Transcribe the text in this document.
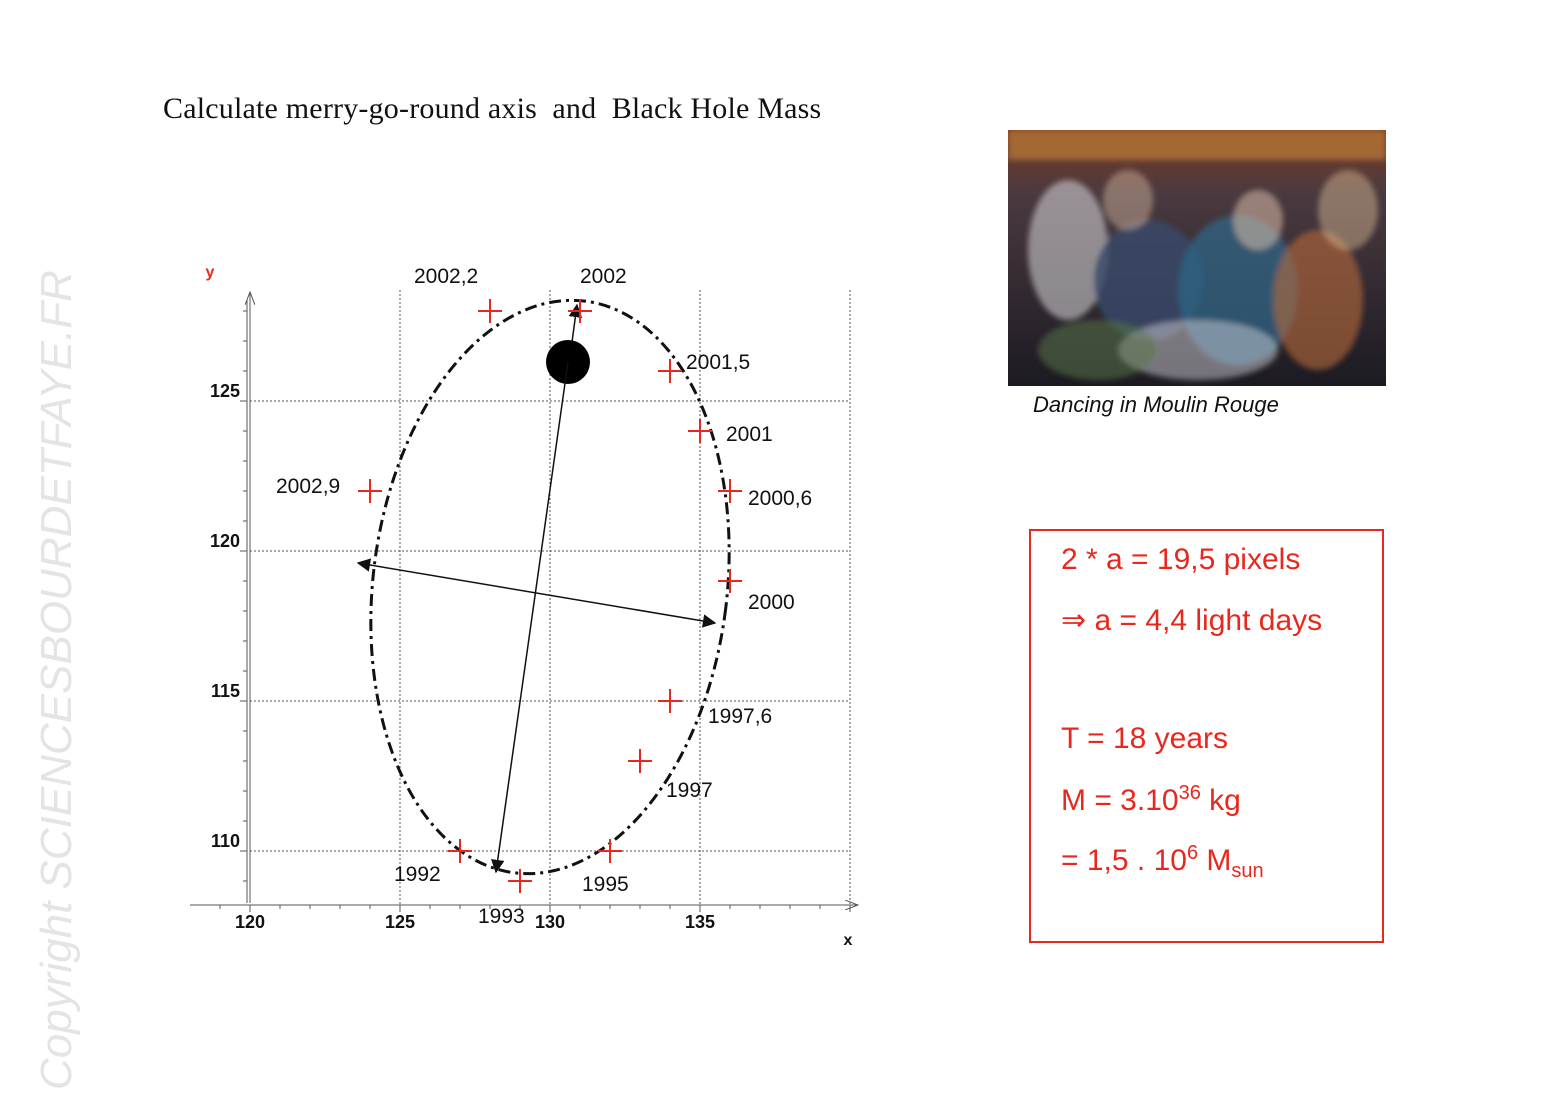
Calculate merry-go-round axis  and  Black Hole Mass
Copyright SCIENCESBOURDETFAYE.FR	1992
1993
1995
1997
1997,6
2000
2000,6
2001
2001,5
2002
2002,2
2002,9
120	125	130	135
110
115
120
125
x
y
Dancing in Moulin Rouge
2 * a = 19,5 pixels
⇒ a = 4,4 light days
T = 18 years
$M = 3.10^{36}$ kg
= 1,5 . $10^6$ $M_{sun}$
